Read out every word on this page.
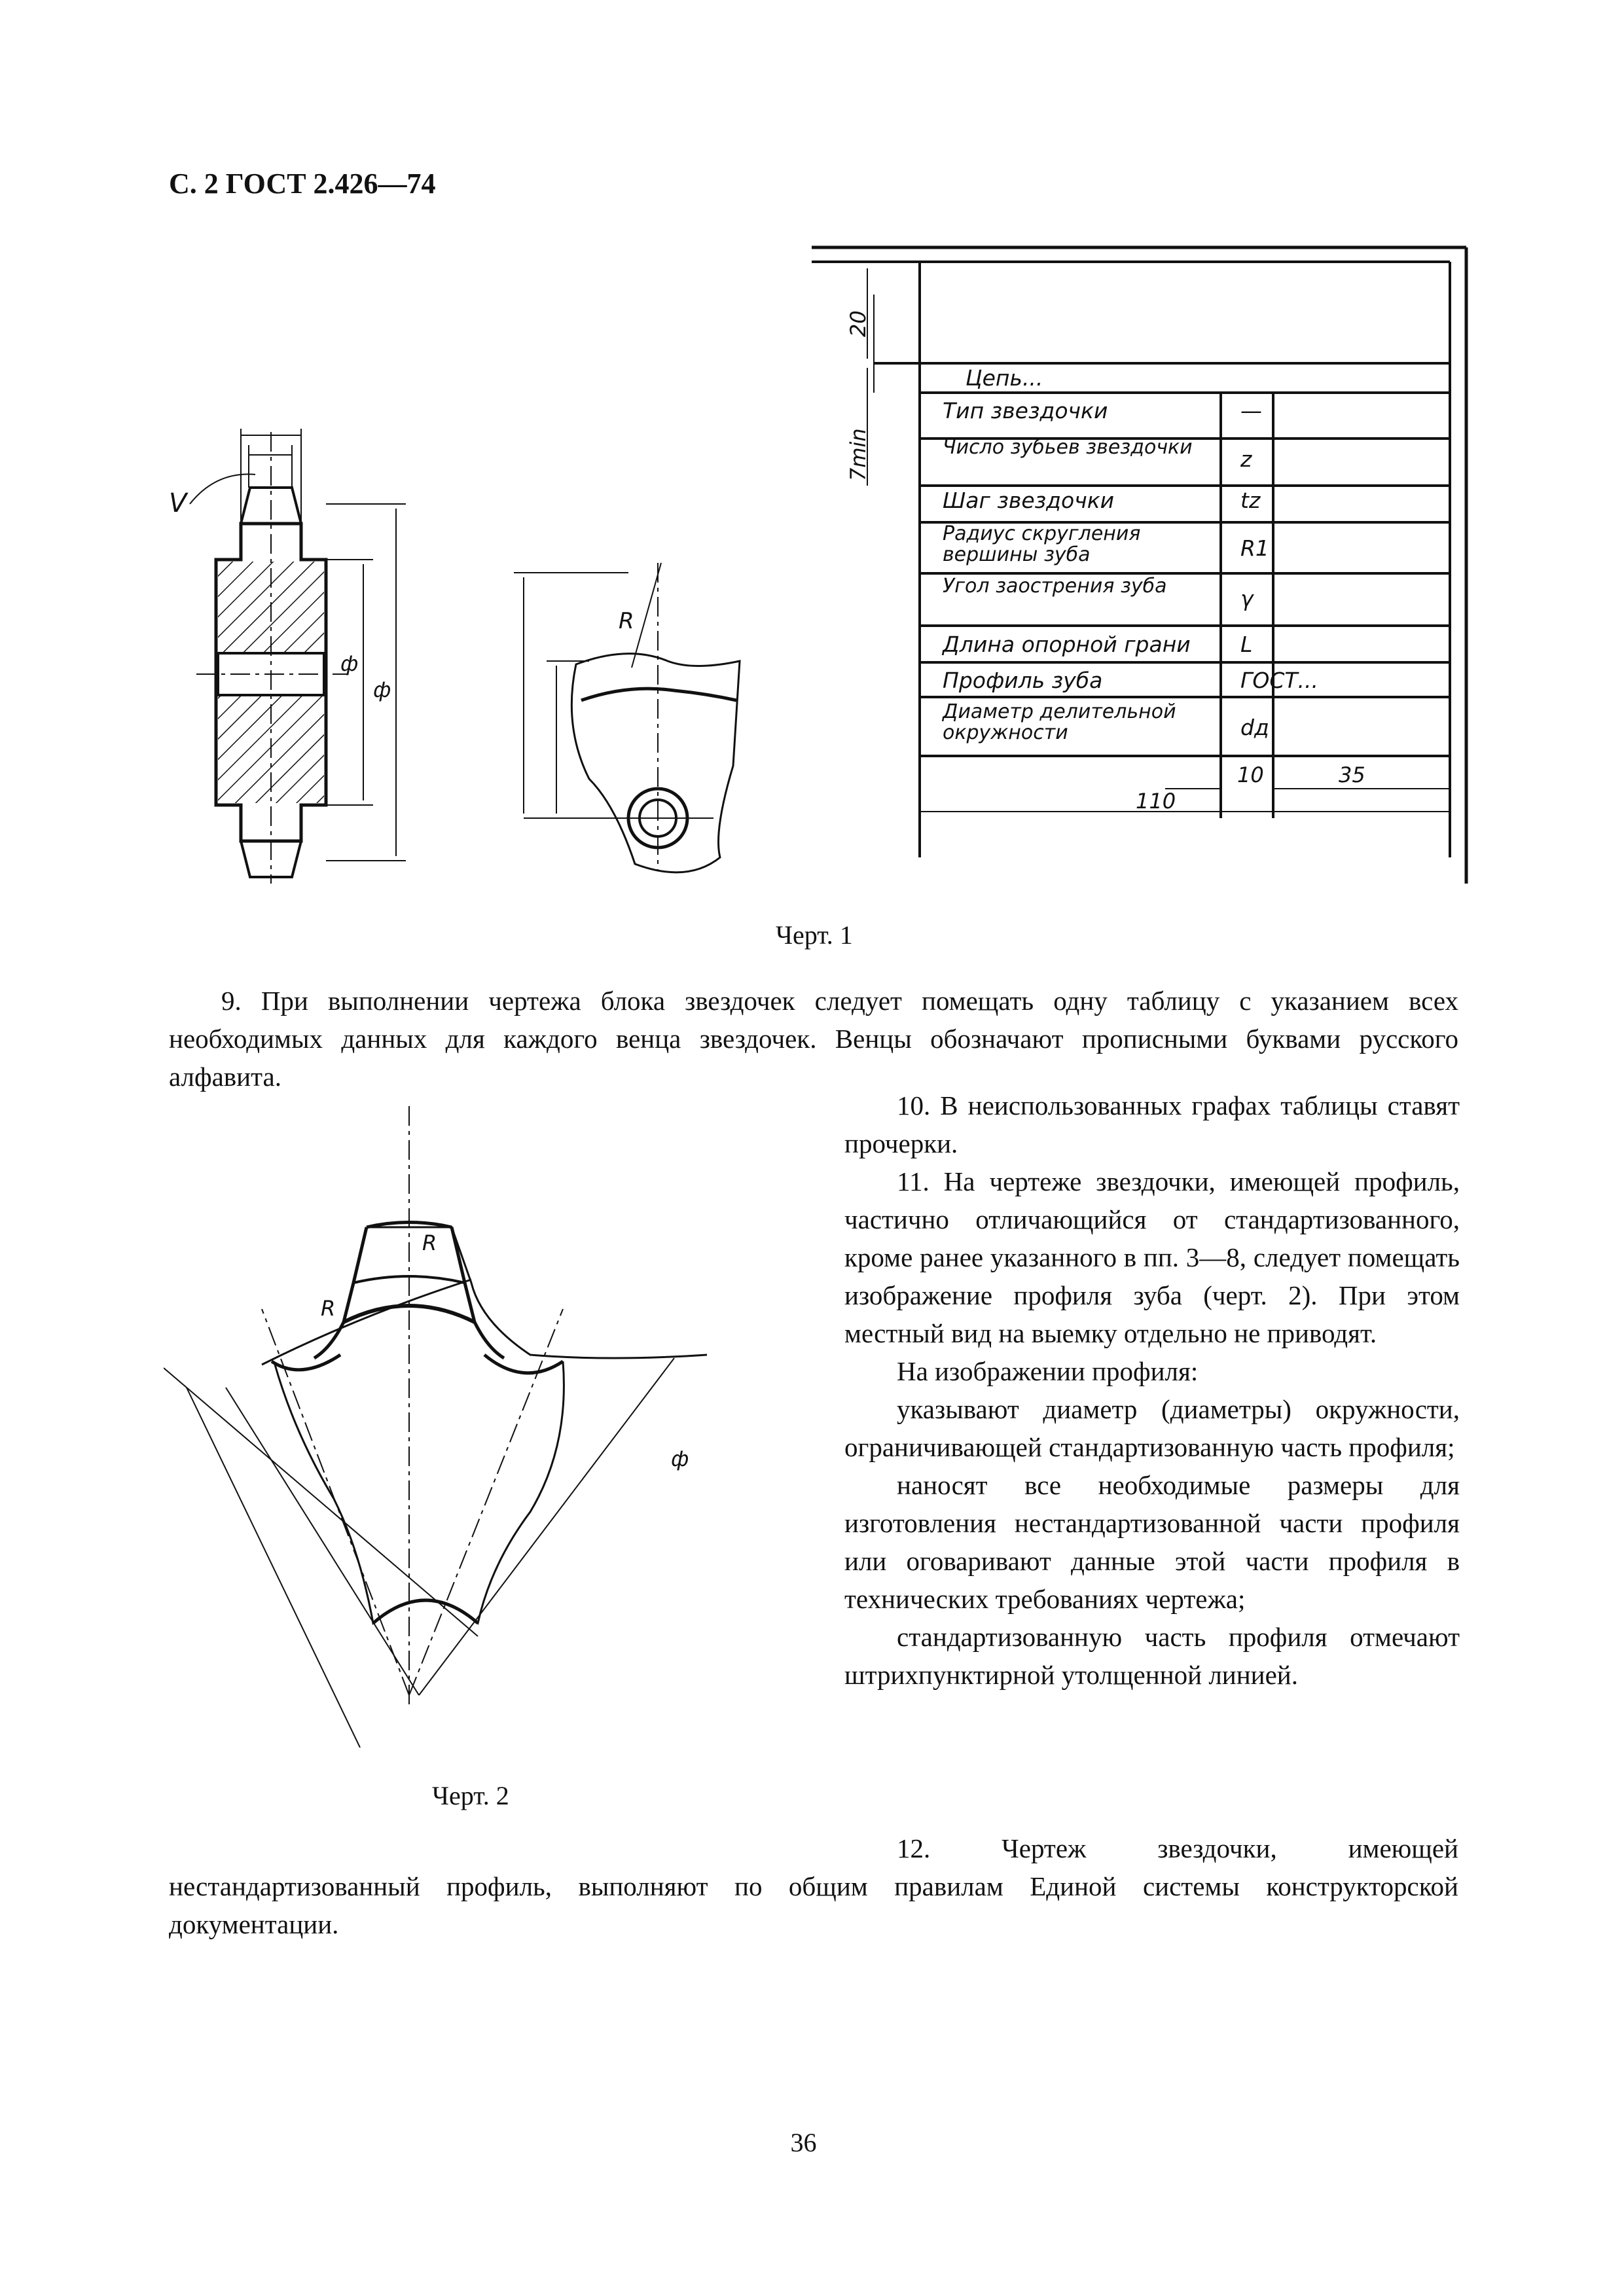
С. 2 ГОСТ 2.426—74
V
ф
ф
R
20
7min
10	35
110
Цепь...
Тип звездочки
Число зубьев звездочки
Шаг звездочки
Радиус скругления вершины зуба
Угол заострения зуба
Длина опорной грани
Профиль зуба
Диаметр делительной окружности
—
z
tz
R1
γ
L
ГОСТ...
dд
Черт. 1

9. При выполнении чертежа блока звездочек следует помещать одну таблицу с указанием всех необходимых данных для каждого венца звездочек. Венцы обозначают прописными буквами русского алфавита.

R
R
ф
Черт. 2

10. В неиспользованных графах таблицы ставят прочерки.

11. На чертеже звездочки, имеющей профиль, частично отличающийся от стандартизованного, кроме ранее указанного в пп. 3—8, следует помещать изображение профиля зуба (черт. 2). При этом местный вид на выемку отдельно не приводят.

На изображении профиля:

указывают диаметр (диаметры) окружности, ограничивающей стандартизованную часть профиля;

наносят все необходимые размеры для изготовления нестандартизованной части профиля или оговаривают данные этой части профиля в технических требованиях чертежа;

стандартизованную часть профиля отмечают штрихпунктирной утолщенной линией.

12. Чертеж звездочки, имеющей нестандартизованный профиль, выполняют по общим правилам Единой системы конструкторской документации.

36
